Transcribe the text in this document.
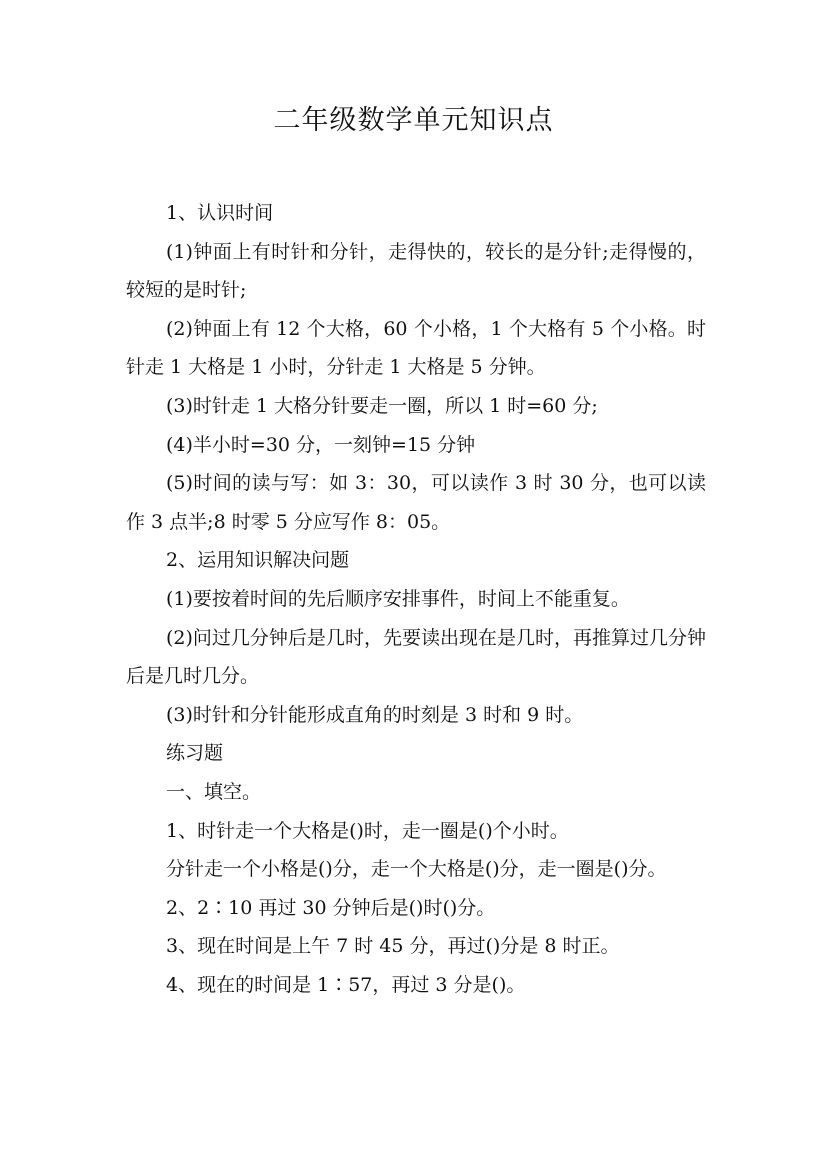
二年级数学单元知识点

1、认识时间

(1)钟面上有时针和分针，走得快的，较长的是分针;走得慢的，较短的是时针;

(2)钟面上有 12 个大格，60 个小格，1 个大格有 5 个小格。时针走 1 大格是 1 小时，分针走 1 大格是 5 分钟。

(3)时针走 1 大格分针要走一圈，所以 1 时=60 分;

(4)半小时=30 分，一刻钟=15 分钟

(5)时间的读与写：如 3：30，可以读作 3 时 30 分，也可以读作 3 点半;8 时零 5 分应写作 8：05。

2、运用知识解决问题

(1)要按着时间的先后顺序安排事件，时间上不能重复。

(2)问过几分钟后是几时，先要读出现在是几时，再推算过几分钟后是几时几分。

(3)时针和分针能形成直角的时刻是 3 时和 9 时。

练习题

一、填空。

1、时针走一个大格是()时，走一圈是()个小时。

分针走一个小格是()分，走一个大格是()分，走一圈是()分。

2、2∶10 再过 30 分钟后是()时()分。

3、现在时间是上午 7 时 45 分，再过()分是 8 时正。

4、现在的时间是 1∶57，再过 3 分是()。
